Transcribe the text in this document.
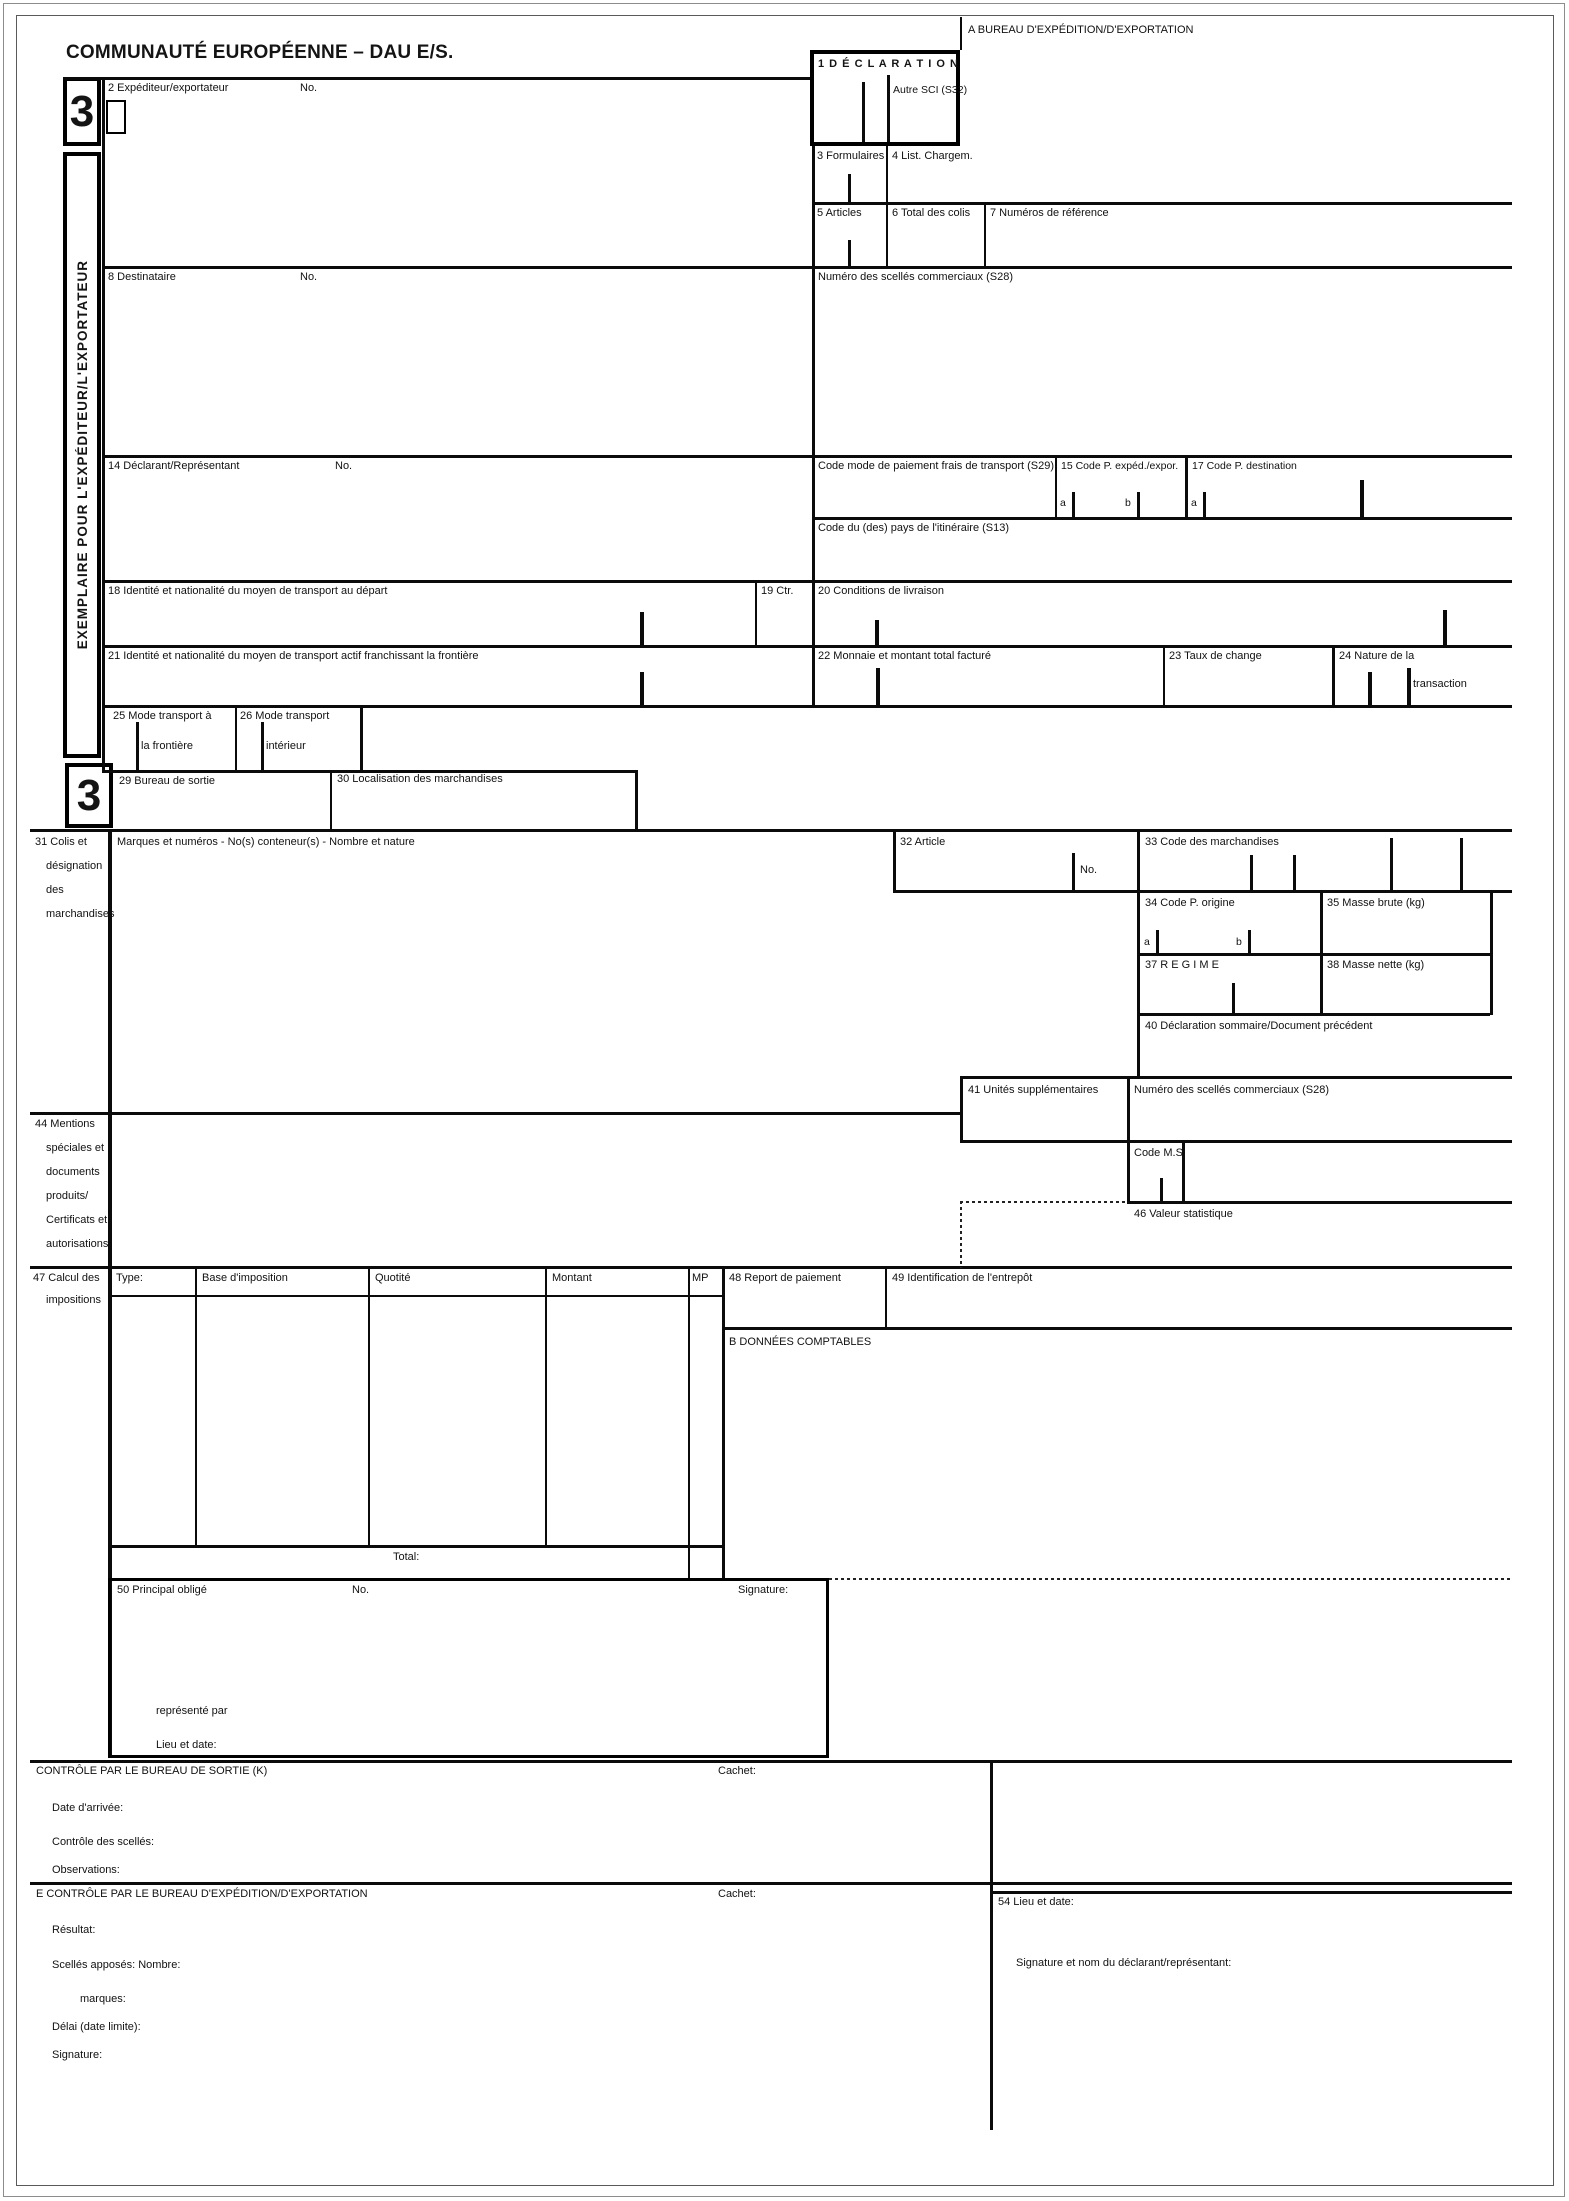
COMMUNAUTÉ EUROPÉENNE – DAU E/S.
A BUREAU D'EXPÉDITION/D'EXPORTATION
3
EXEMPLAIRE POUR L'EXPÉDITEUR/L'EXPORTATEUR
3
1 D É C L A R A T I O N
Autre SCI (S32)
3 Formulaires 4 List. Chargem.
5 Articles	6 Total des colis 7 Numéros de référence
2 Expéditeur/exportateur	No.
8 Destinataire	No.	Numéro des scellés commerciaux (S28)
14 Déclarant/Représentant	No.	Code mode de paiement frais de transport (S29) 15 Code P. expéd./expor. 17 Code P. destination
a	b	a
Code du (des) pays de l'itinéraire (S13)
18 Identité et nationalité du moyen de transport au départ	19 Ctr. 20 Conditions de livraison
21 Identité et nationalité du moyen de transport actif franchissant la frontière	22 Monnaie et montant total facturé	23 Taux de change	24 Nature de la
transaction
25 Mode transport à
la frontière
26 Mode transport
intérieur
29 Bureau de sortie	30 Localisation des marchandises
31 Colis et
désignation
des
marchandises
Marques et numéros - No(s) conteneur(s) - Nombre et nature	32 Article
No.
33 Code des marchandises
34 Code P. origine
a	b
35 Masse brute (kg)
37 R E G I M E	38 Masse nette (kg)
40 Déclaration sommaire/Document précédent
41 Unités supplémentaires	Numéro des scellés commerciaux (S28)
Code M.S.
46 Valeur statistique
44 Mentions
spéciales et
documents
produits/
Certificats et
autorisations
47 Calcul des
impositions
Type:	Base d'imposition	Quotité	Montant	MP
Total:
48 Report de paiement	49 Identification de l'entrepôt
B DONNÉES COMPTABLES
50 Principal obligé	No.	Signature:
représenté par
Lieu et date:
CONTRÔLE PAR LE BUREAU DE SORTIE (K)	Cachet:
Date d'arrivée:
Contrôle des scellés:
Observations:
E CONTRÔLE PAR LE BUREAU D'EXPÉDITION/D'EXPORTATION	Cachet:
54 Lieu et date:
Résultat:
Scellés apposés: Nombre:
marques:
Délai (date limite):
Signature:
Signature et nom du déclarant/représentant:
